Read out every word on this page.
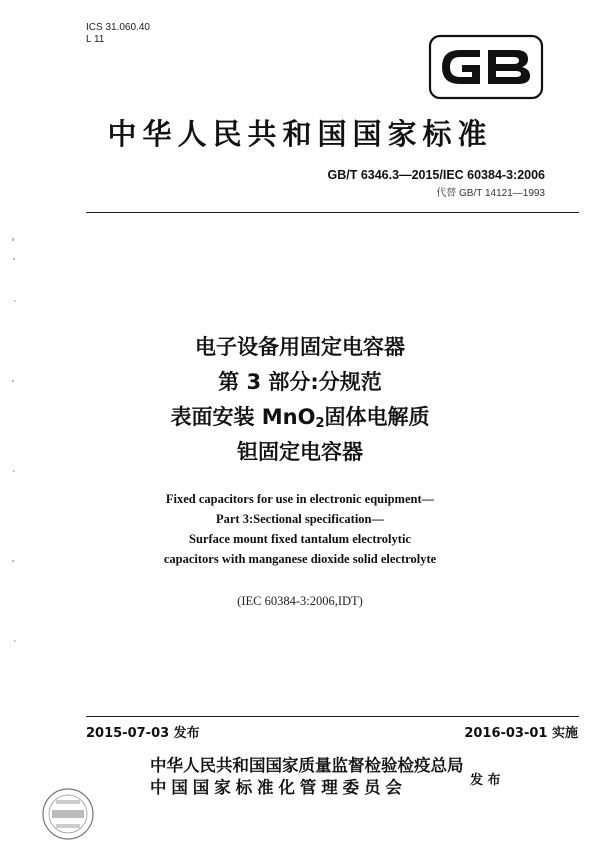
ICS 31.060.40
L 11
中华人民共和国国家标准
GB/T 6346.3—2015/IEC 60384-3:2006
代替 GB/T 14121—1993
电子设备用固定电容器
第 3 部分:分规范
表面安装 MnO$_2$固体电解质
钽固定电容器
Fixed capacitors for use in electronic equipment—
Part 3:Sectional specification—
Surface mount fixed tantalum electrolytic
capacitors with manganese dioxide solid electrolyte
(IEC 60384-3:2006,IDT)
2015-07-03 发布	2016-03-01 实施
中华人民共和国国家质量监督检验检疫总局
中国国家标准化管理委员会	发 布
